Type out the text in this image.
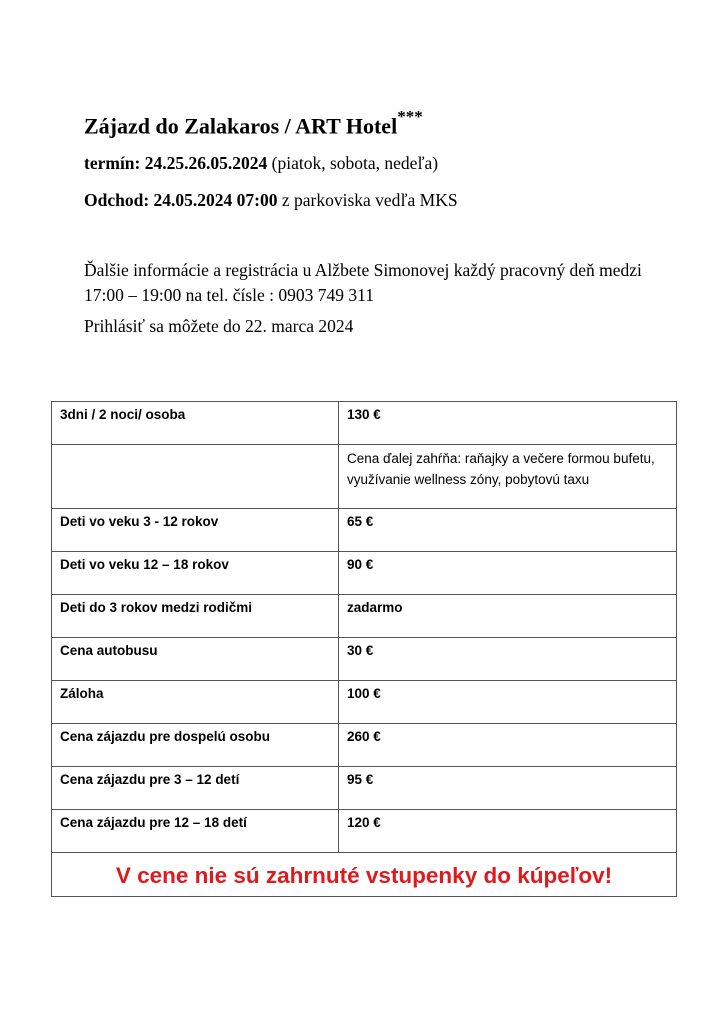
Zájazd do Zalakaros / ART Hotel***
termín: 24.25.26.05.2024 (piatok, sobota, nedeľa)
Odchod: 24.05.2024 07:00 z parkoviska vedľa MKS
Ďalšie informácie a registrácia u Alžbete Simonovej každý pracovný deň medzi 17:00 – 19:00 na tel. čísle : 0903 749 311
Prihlásiť sa môžete do 22. marca 2024
3dni / 2 noci/ osoba	130 €
	Cena ďalej zahŕňa: raňajky a večere formou bufetu, využívanie wellness zóny, pobytovú taxu
Deti vo veku 3 - 12 rokov	65 €
Deti vo veku 12 – 18 rokov	90 €
Deti do 3 rokov medzi rodičmi	zadarmo
Cena autobusu	30 €
Záloha	100 €
Cena zájazdu pre dospelú osobu	260 €
Cena zájazdu pre 3 – 12 detí	95 €
Cena zájazdu pre 12 – 18 detí	120 €
V cene nie sú zahrnuté vstupenky do kúpeľov!	
